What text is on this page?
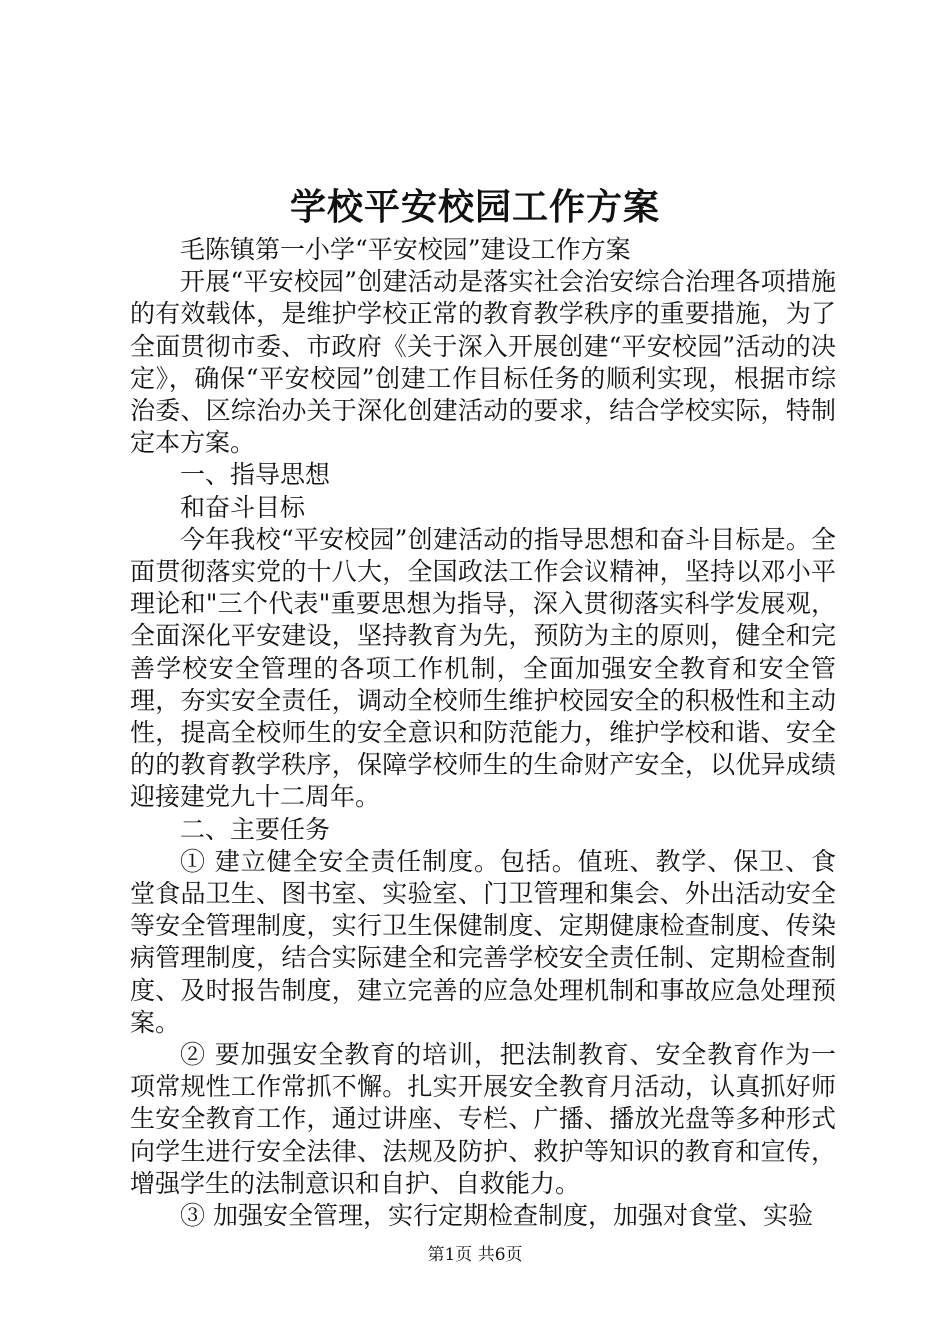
学校平安校园工作方案

毛陈镇第一小学“平安校园”建设工作方案

开展“平安校园”创建活动是落实社会治安综合治理各项措施的有效载体，是维护学校正常的教育教学秩序的重要措施，为了全面贯彻市委、市政府《关于深入开展创建“平安校园”活动的决定》，确保“平安校园”创建工作目标任务的顺利实现，根据市综治委、区综治办关于深化创建活动的要求，结合学校实际，特制定本方案。

一、指导思想

和奋斗目标

今年我校“平安校园”创建活动的指导思想和奋斗目标是。全面贯彻落实党的十八大，全国政法工作会议精神，坚持以邓小平理论和"三个代表"重要思想为指导，深入贯彻落实科学发展观，全面深化平安建设，坚持教育为先，预防为主的原则，健全和完善学校安全管理的各项工作机制，全面加强安全教育和安全管理，夯实安全责任，调动全校师生维护校园安全的积极性和主动性，提高全校师生的安全意识和防范能力，维护学校和谐、安全的的教育教学秩序，保障学校师生的生命财产安全，以优异成绩迎接建党九十二周年。

二、主要任务

① 建立健全安全责任制度。包括。值班、教学、保卫、食堂食品卫生、图书室、实验室、门卫管理和集会、外出活动安全等安全管理制度，实行卫生保健制度、定期健康检查制度、传染病管理制度，结合实际建全和完善学校安全责任制、定期检查制度、及时报告制度，建立完善的应急处理机制和事故应急处理预案。

② 要加强安全教育的培训，把法制教育、安全教育作为一项常规性工作常抓不懈。扎实开展安全教育月活动，认真抓好师生安全教育工作，通过讲座、专栏、广播、播放光盘等多种形式向学生进行安全法律、法规及防护、救护等知识的教育和宣传，增强学生的法制意识和自护、自救能力。

③ 加强安全管理，实行定期检查制度，加强对食堂、实验

第1页 共6页
